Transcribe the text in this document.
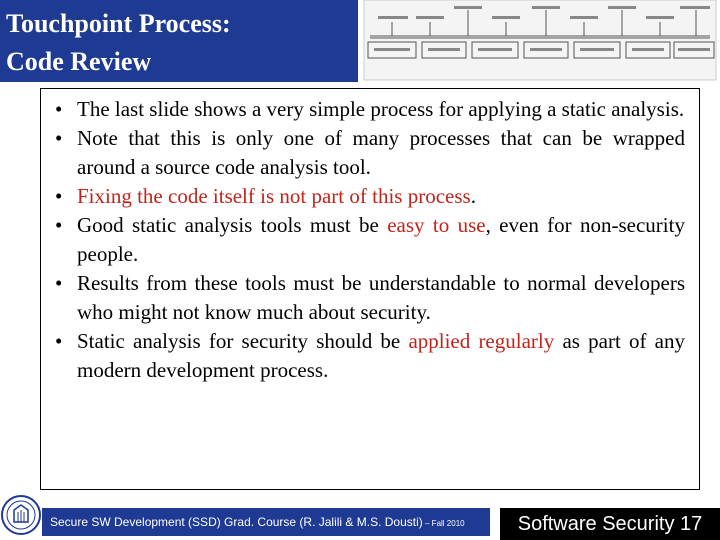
Touchpoint Process:
Code Review
• The last slide shows a very simple process for applying a static analysis.
• Note that this is only one of many processes that can be wrapped around a source code analysis tool.
• Fixing the code itself is not part of this process.
• Good static analysis tools must be easy to use, even for non-security people.
• Results from these tools must be understandable to normal developers who might not know much about security.
• Static analysis for security should be applied regularly as part of any modern development process.
Secure SW Development (SSD) Grad. Course (R. Jalili & M.S. Dousti) – Fall 2010	Software Security 17
